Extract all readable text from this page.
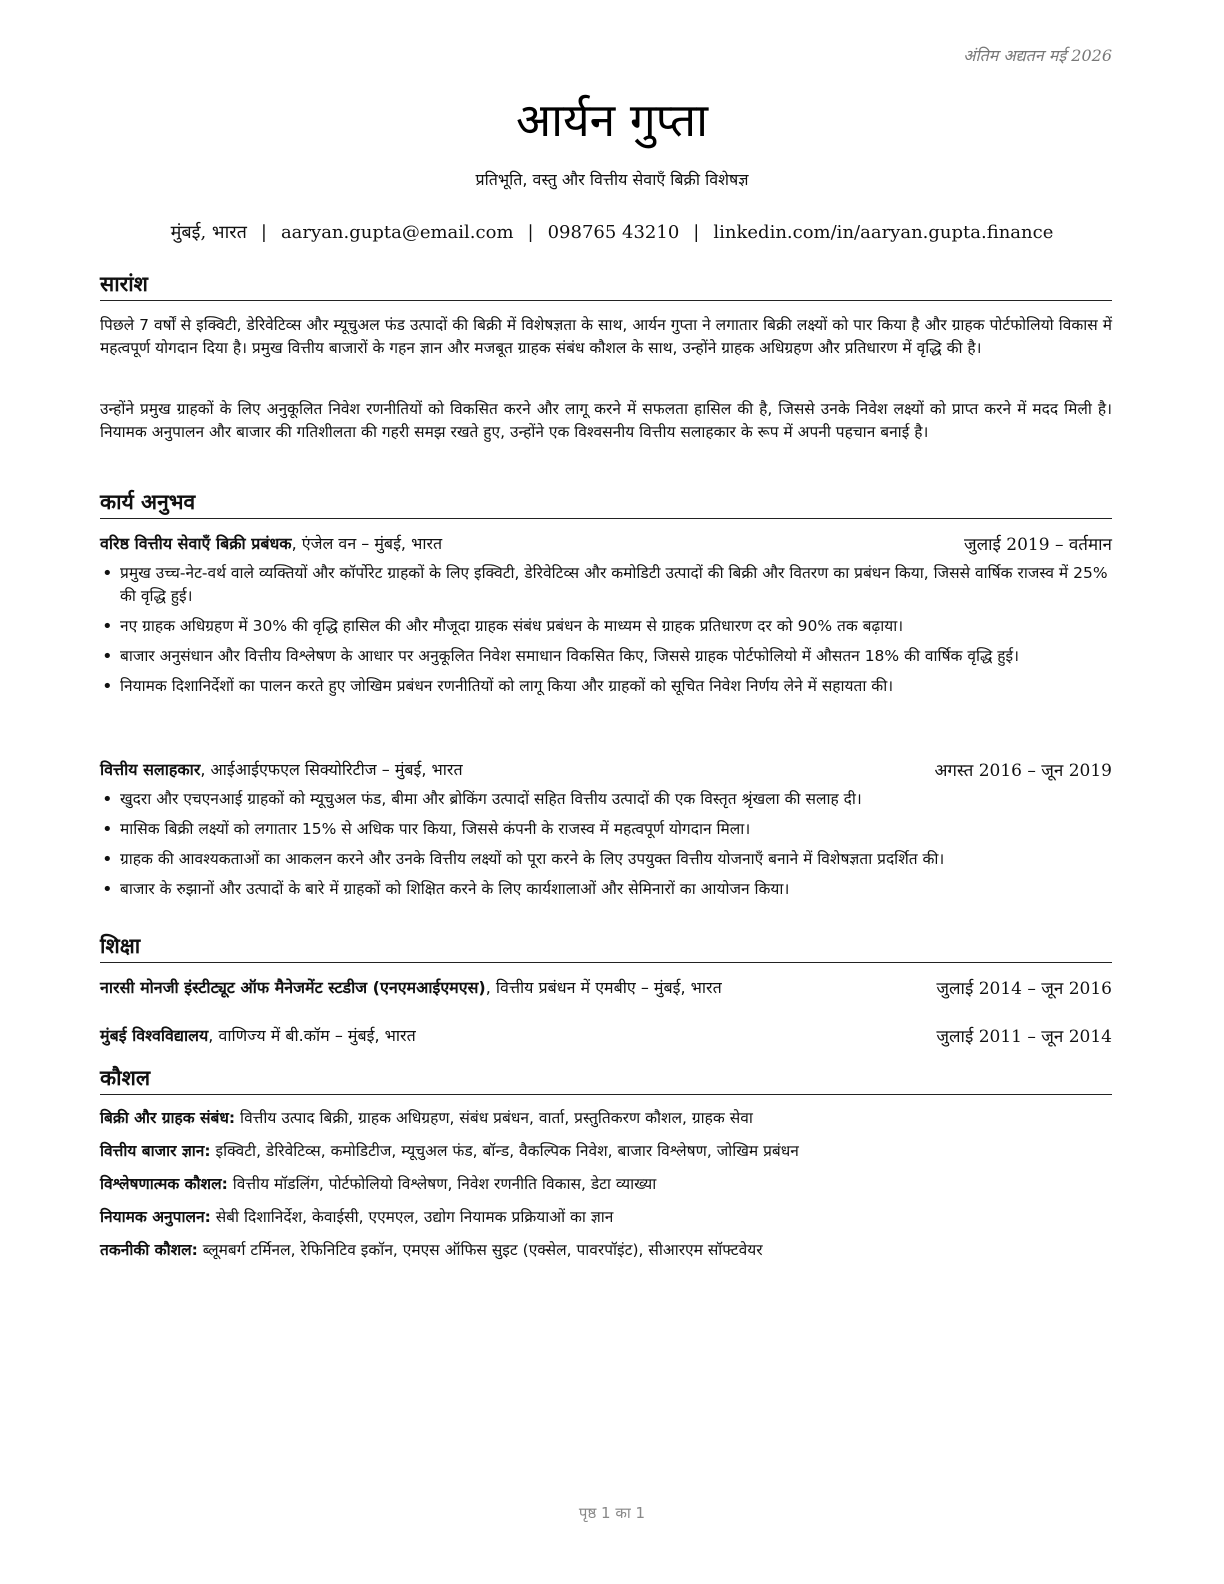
अंतिम अद्यतन मई 2026
आर्यन गुप्ता
प्रतिभूति, वस्तु और वित्तीय सेवाएँ बिक्री विशेषज्ञ
मुंबई, भारत | aaryan.gupta@email.com | 098765 43210 | linkedin.com/in/aaryan.gupta.finance
सारांश
पिछले 7 वर्षों से इक्विटी, डेरिवेटिव्स और म्यूचुअल फंड उत्पादों की बिक्री में विशेषज्ञता के साथ, आर्यन गुप्ता ने लगातार बिक्री लक्ष्यों को पार किया है और ग्राहक पोर्टफोलियो विकास में महत्वपूर्ण योगदान दिया है। प्रमुख वित्तीय बाजारों के गहन ज्ञान और मजबूत ग्राहक संबंध कौशल के साथ, उन्होंने ग्राहक अधिग्रहण और प्रतिधारण में वृद्धि की है।
उन्होंने प्रमुख ग्राहकों के लिए अनुकूलित निवेश रणनीतियों को विकसित करने और लागू करने में सफलता हासिल की है, जिससे उनके निवेश लक्ष्यों को प्राप्त करने में मदद मिली है। नियामक अनुपालन और बाजार की गतिशीलता की गहरी समझ रखते हुए, उन्होंने एक विश्वसनीय वित्तीय सलाहकार के रूप में अपनी पहचान बनाई है।
कार्य अनुभव
वरिष्ठ वित्तीय सेवाएँ बिक्री प्रबंधक, एंजेल वन – मुंबई, भारत	जुलाई 2019 – वर्तमान
• प्रमुख उच्च-नेट-वर्थ वाले व्यक्तियों और कॉर्पोरेट ग्राहकों के लिए इक्विटी, डेरिवेटिव्स और कमोडिटी उत्पादों की बिक्री और वितरण का प्रबंधन किया, जिससे वार्षिक राजस्व में 25% की वृद्धि हुई।
• नए ग्राहक अधिग्रहण में 30% की वृद्धि हासिल की और मौजूदा ग्राहक संबंध प्रबंधन के माध्यम से ग्राहक प्रतिधारण दर को 90% तक बढ़ाया।
• बाजार अनुसंधान और वित्तीय विश्लेषण के आधार पर अनुकूलित निवेश समाधान विकसित किए, जिससे ग्राहक पोर्टफोलियो में औसतन 18% की वार्षिक वृद्धि हुई।
• नियामक दिशानिर्देशों का पालन करते हुए जोखिम प्रबंधन रणनीतियों को लागू किया और ग्राहकों को सूचित निवेश निर्णय लेने में सहायता की।
वित्तीय सलाहकार, आईआईएफएल सिक्योरिटीज – मुंबई, भारत	अगस्त 2016 – जून 2019
• खुदरा और एचएनआई ग्राहकों को म्यूचुअल फंड, बीमा और ब्रोकिंग उत्पादों सहित वित्तीय उत्पादों की एक विस्तृत श्रृंखला की सलाह दी।
• मासिक बिक्री लक्ष्यों को लगातार 15% से अधिक पार किया, जिससे कंपनी के राजस्व में महत्वपूर्ण योगदान मिला।
• ग्राहक की आवश्यकताओं का आकलन करने और उनके वित्तीय लक्ष्यों को पूरा करने के लिए उपयुक्त वित्तीय योजनाएँ बनाने में विशेषज्ञता प्रदर्शित की।
• बाजार के रुझानों और उत्पादों के बारे में ग्राहकों को शिक्षित करने के लिए कार्यशालाओं और सेमिनारों का आयोजन किया।
शिक्षा
नारसी मोनजी इंस्टीट्यूट ऑफ मैनेजमेंट स्टडीज (एनएमआईएमएस), वित्तीय प्रबंधन में एमबीए – मुंबई, भारत	जुलाई 2014 – जून 2016
मुंबई विश्वविद्यालय, वाणिज्य में बी.कॉम – मुंबई, भारत	जुलाई 2011 – जून 2014
कौशल
बिक्री और ग्राहक संबंध: वित्तीय उत्पाद बिक्री, ग्राहक अधिग्रहण, संबंध प्रबंधन, वार्ता, प्रस्तुतिकरण कौशल, ग्राहक सेवा
वित्तीय बाजार ज्ञान: इक्विटी, डेरिवेटिव्स, कमोडिटीज, म्यूचुअल फंड, बॉन्ड, वैकल्पिक निवेश, बाजार विश्लेषण, जोखिम प्रबंधन
विश्लेषणात्मक कौशल: वित्तीय मॉडलिंग, पोर्टफोलियो विश्लेषण, निवेश रणनीति विकास, डेटा व्याख्या
नियामक अनुपालन: सेबी दिशानिर्देश, केवाईसी, एएमएल, उद्योग नियामक प्रक्रियाओं का ज्ञान
तकनीकी कौशल: ब्लूमबर्ग टर्मिनल, रेफिनिटिव इकॉन, एमएस ऑफिस सुइट (एक्सेल, पावरपॉइंट), सीआरएम सॉफ्टवेयर
पृष्ठ 1 का 1
